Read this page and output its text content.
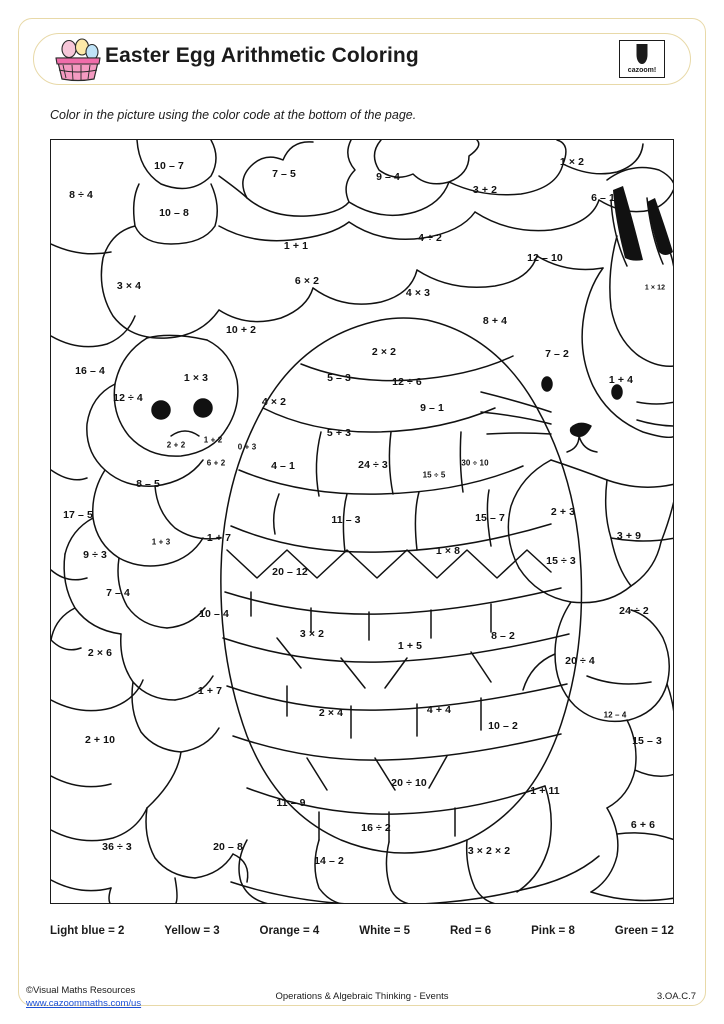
Easter Egg Arithmetic Coloring
cazoom!
Color in the picture using the color code at the bottom of the page.
10 – 7
7 – 5	9 – 4
3 + 2
1 × 2
8 ÷ 4
10 – 8
6 – 1
1 + 1
4 ÷ 2
12 – 10
3 × 4	6 × 2
4 × 3
8 + 4
1 × 12
10 + 2
2 × 2	7 – 2
16 – 4
1 × 3	5 – 3	12 ÷ 6	1 + 4
12 ÷ 4	4 × 2	9 – 1
5 + 3
2 + 2
1 + 2
0 + 3
6 + 2	4 – 1	24 ÷ 3
15 ÷ 5
30 ÷ 10
8 – 5
11 – 3	15 – 7	2 + 3
17 – 5
1 + 3	1 + 7
1 × 8
15 ÷ 3
3 + 9
9 ÷ 3
20 – 12
7 – 4
10 – 4	24 ÷ 2
2 × 6
3 × 2
1 + 5
8 – 2
20 ÷ 4
1 + 7
2 × 4	4 + 4
10 – 2
12 – 4
2 + 10	15 – 3
20 ÷ 10
1 + 11
11 – 9
16 ÷ 2	6 + 6
36 ÷ 3	20 – 8
14 – 2
3 × 2 × 2
Light blue = 2	Yellow = 3	Orange = 4	White = 5	Red = 6	Pink = 8	Green = 12
©Visual Maths Resources
www.cazoommaths.com/us
Operations & Algebraic Thinking - Events	3.OA.C.7
